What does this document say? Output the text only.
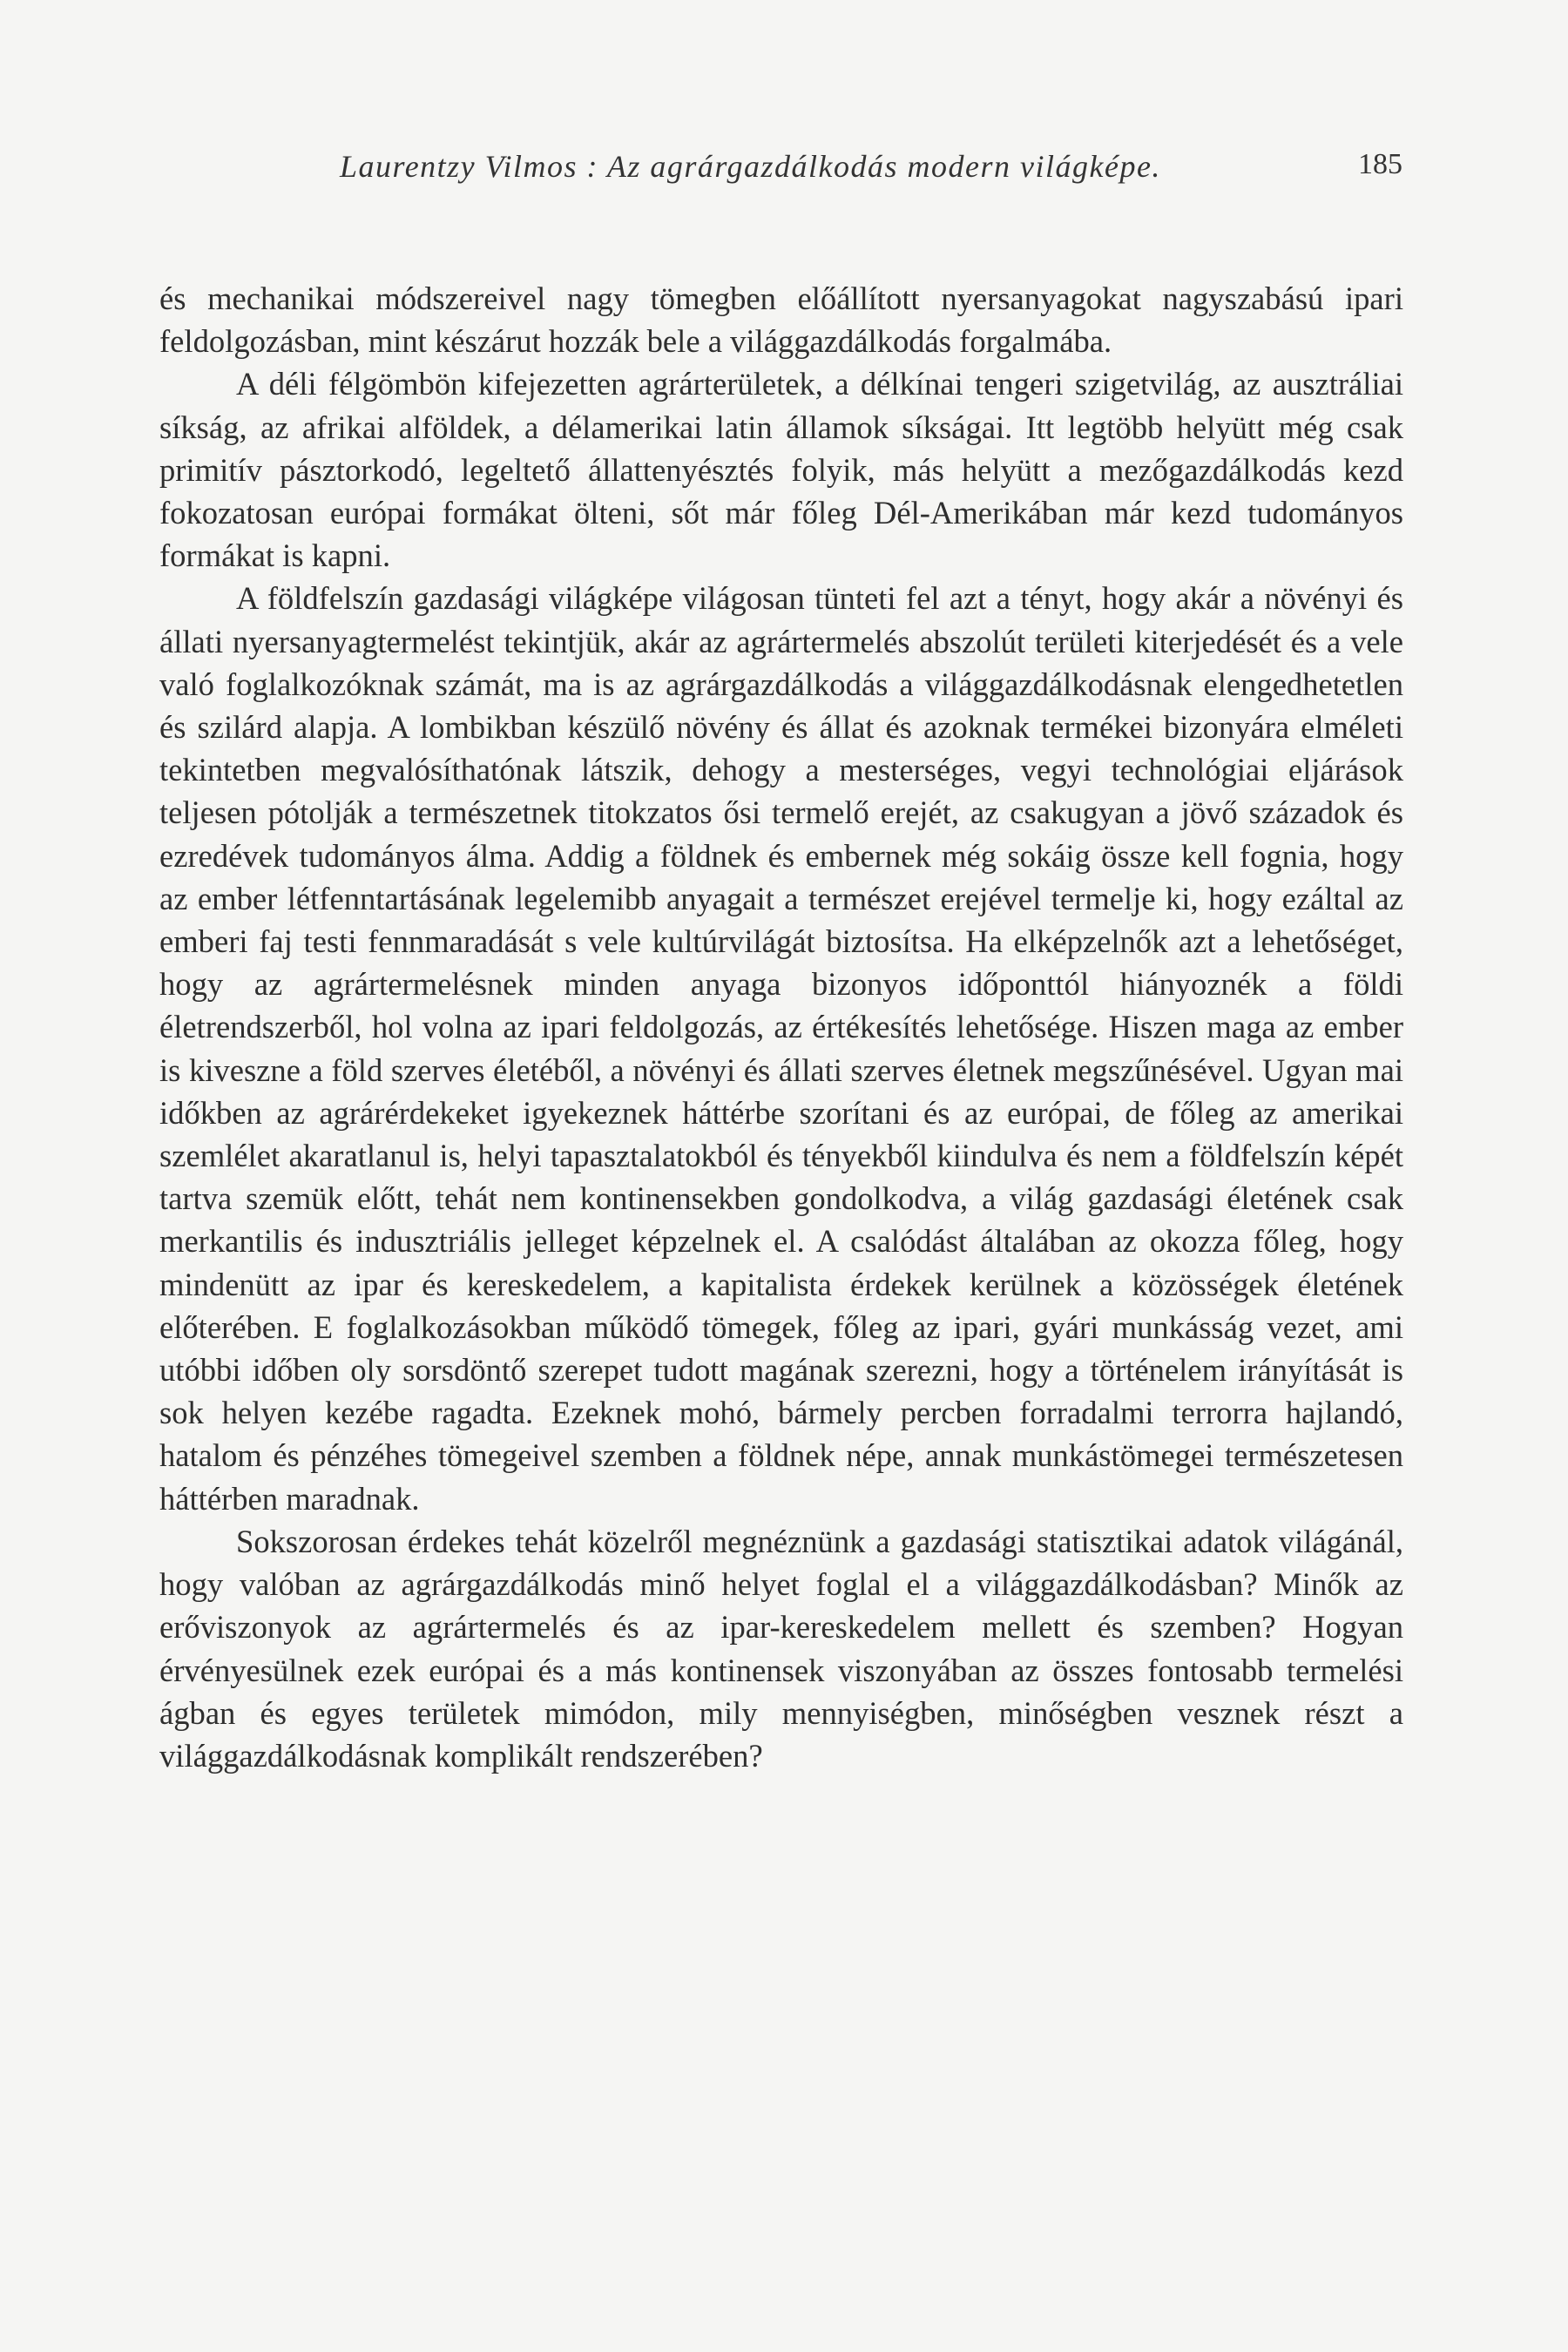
Laurentzy Vilmos : Az agrárgazdálkodás modern világképe.	185

és mechanikai módszereivel nagy tömegben előállított nyersanyagokat nagyszabású ipari feldolgozásban, mint készárut hozzák bele a világgazdálkodás forgalmába.

A déli félgömbön kifejezetten agrárterületek, a délkínai tengeri szigetvilág, az ausztráliai síkság, az afrikai alföldek, a délamerikai latin államok síkságai. Itt legtöbb helyütt még csak primitív pásztorkodó, legeltető állattenyésztés folyik, más helyütt a mezőgazdálkodás kezd fokozatosan európai formákat ölteni, sőt már főleg Dél-Amerikában már kezd tudományos formákat is kapni.

A földfelszín gazdasági világképe világosan tünteti fel azt a tényt, hogy akár a növényi és állati nyersanyagtermelést tekintjük, akár az agrártermelés abszolút területi kiterjedését és a vele való foglalkozóknak számát, ma is az agrárgazdálkodás a világgazdálkodásnak elengedhetetlen és szilárd alapja. A lombikban készülő növény és állat és azoknak termékei bizonyára elméleti tekintetben megvalósíthatónak látszik, dehogy a mesterséges, vegyi technológiai eljárások teljesen pótolják a természetnek titokzatos ősi termelő erejét, az csakugyan a jövő századok és ezredévek tudományos álma. Addig a földnek és embernek még sokáig össze kell fognia, hogy az ember létfenntartásának legelemibb anyagait a természet erejével termelje ki, hogy ezáltal az emberi faj testi fennmaradását s vele kultúrvilágát biztosítsa. Ha elképzelnők azt a lehetőséget, hogy az agrártermelésnek minden anyaga bizonyos időponttól hiányoznék a földi életrendszerből, hol volna az ipari feldolgozás, az értékesítés lehetősége. Hiszen maga az ember is kiveszne a föld szerves életéből, a növényi és állati szerves életnek megszűnésével. Ugyan mai időkben az agrárérdekeket igyekeznek háttérbe szorítani és az európai, de főleg az amerikai szemlélet akaratlanul is, helyi tapasztalatokból és tényekből kiindulva és nem a földfelszín képét tartva szemük előtt, tehát nem kontinensekben gondolkodva, a világ gazdasági életének csak merkantilis és indusztriális jelleget képzelnek el. A csalódást általában az okozza főleg, hogy mindenütt az ipar és kereskedelem, a kapitalista érdekek kerülnek a közösségek életének előterében. E foglalkozásokban működő tömegek, főleg az ipari, gyári munkásság vezet, ami utóbbi időben oly sorsdöntő szerepet tudott magának szerezni, hogy a történelem irányítását is sok helyen kezébe ragadta. Ezeknek mohó, bármely percben forradalmi terrorra hajlandó, hatalom és pénzéhes tömegeivel szemben a földnek népe, annak munkástömegei természetesen háttérben maradnak.

Sokszorosan érdekes tehát közelről megnéznünk a gazdasági statisztikai adatok világánál, hogy valóban az agrárgazdálkodás minő helyet foglal el a világgazdálkodásban? Minők az erőviszonyok az agrártermelés és az ipar-kereskedelem mellett és szemben? Hogyan érvényesülnek ezek európai és a más kontinensek viszonyában az összes fontosabb termelési ágban és egyes területek mimódon, mily mennyiségben, minőségben vesznek részt a világgazdálkodásnak komplikált rendszerében?
